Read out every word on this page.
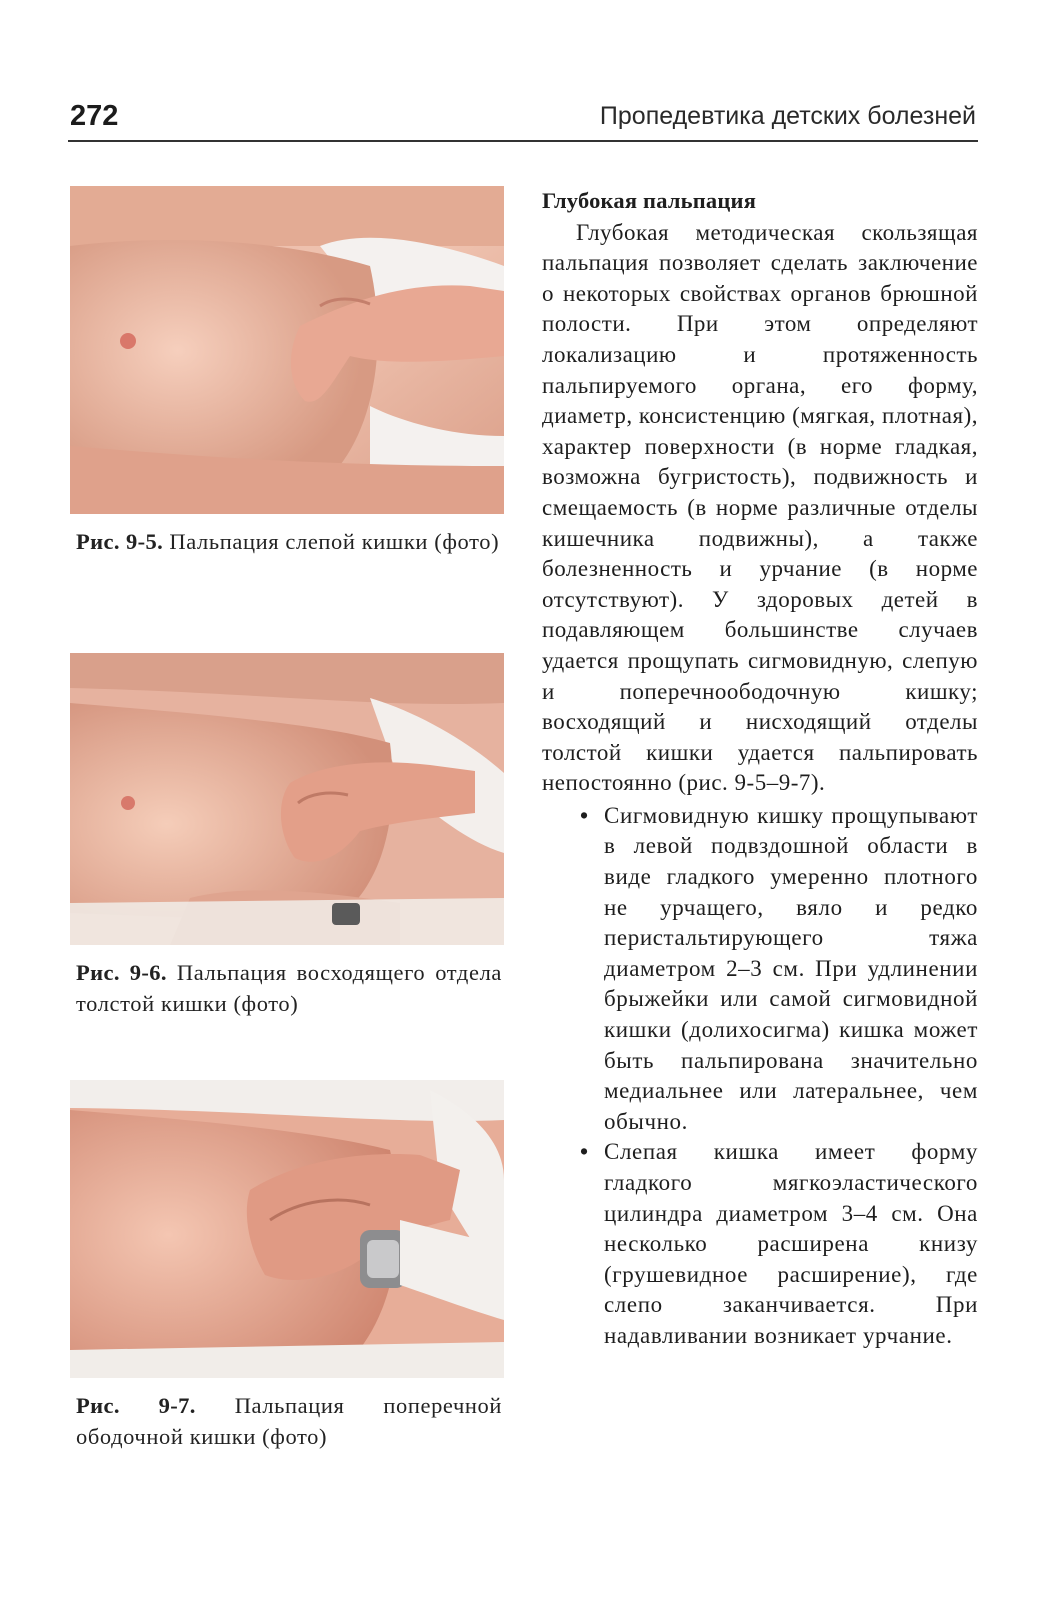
272	Пропедевтика детских болезней
Рис. 9-5. Пальпация слепой кишки (фото)
Рис. 9-6. Пальпация восходящего отдела толстой кишки (фото)
Рис. 9-7. Пальпация поперечной ободочной кишки (фото)
Глубокая пальпация

Глубокая методическая скользящая пальпация позволяет сделать заключение о некоторых свойствах органов брюшной полости. При этом определяют локализацию и протяженность пальпируемого органа, его форму, диаметр, консистенцию (мягкая, плотная), характер поверхности (в норме гладкая, возможна бугристость), подвижность и смещаемость (в норме различные отделы кишечника подвижны), а также болезненность и урчание (в норме отсутствуют). У здоровых детей в подавляющем большинстве случаев удается прощупать сигмовидную, слепую и поперечноободочную кишку; восходящий и нисходящий отделы толстой кишки удается пальпировать непостоянно (рис. 9-5–9-7).

• Сигмовидную кишку прощупывают в левой подвздошной области в виде гладкого умеренно плотного не урчащего, вяло и редко перистальтирующего тяжа диаметром 2–3 см. При удлинении брыжейки или самой сигмовидной кишки (долихосигма) кишка может быть пальпирована значительно медиальнее или латеральнее, чем обычно.
• Слепая кишка имеет форму гладкого мягкоэластического цилиндра диаметром 3–4 см. Она несколько расширена книзу (грушевидное расширение), где слепо заканчивается. При надавливании возникает урчание.
